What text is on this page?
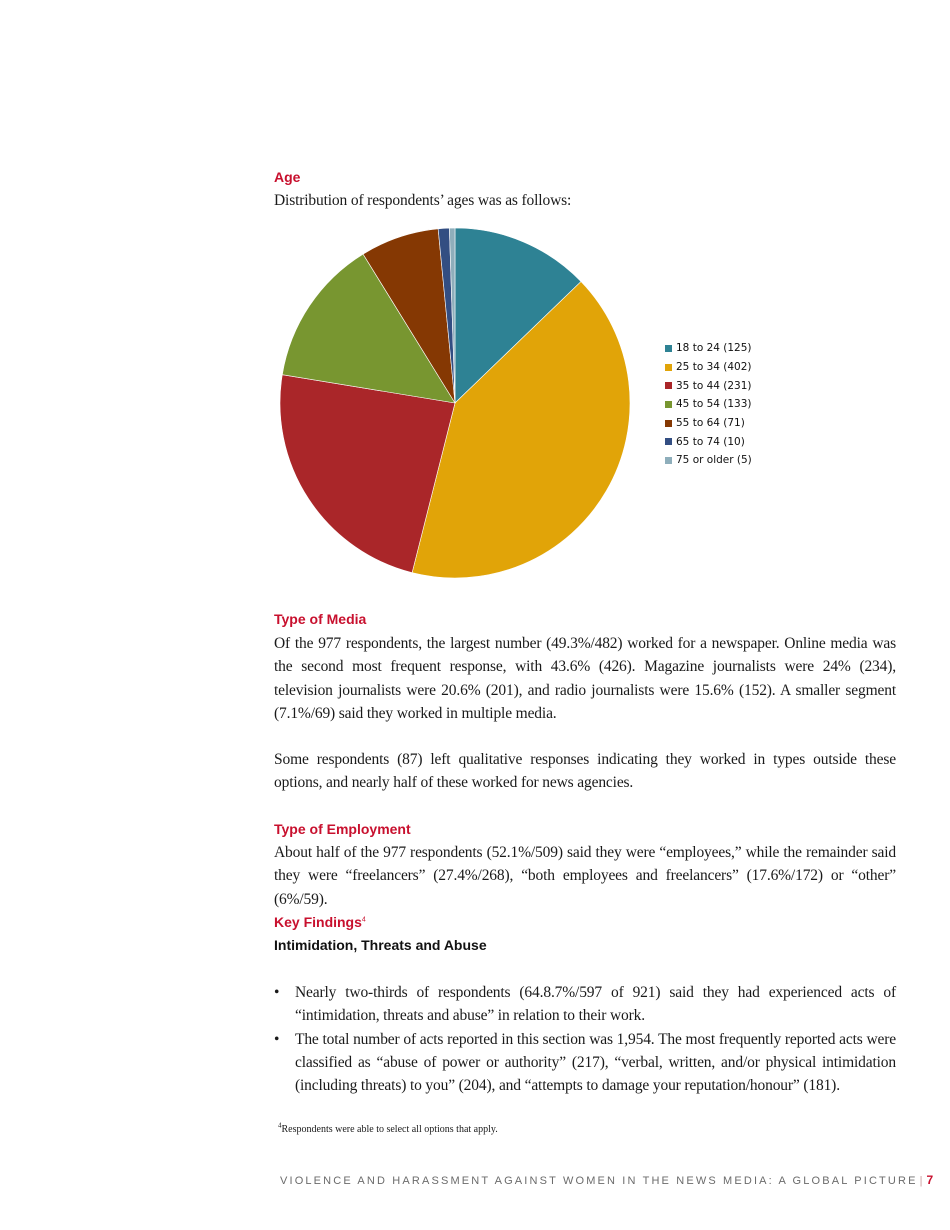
Age

Distribution of respondents’ ages was as follows:

18 to 24 (125)
25 to 34 (402)
35 to 44 (231)
45 to 54 (133)
55 to 64 (71)
65 to 74 (10)
75 or older (5)
Type of Media

Of the 977 respondents, the largest number (49.3%/482) worked for a newspaper. Online media was the second most frequent response, with 43.6% (426). Magazine journalists were 24% (234), television journalists were 20.6% (201), and radio journalists were 15.6% (152). A smaller segment (7.1%/69) said they worked in multiple media.

Some respondents (87) left qualitative responses indicating they worked in types outside these options, and nearly half of these worked for news agencies.

Type of Employment

About half of the 977 respondents (52.1%/509) said they were “employees,” while the remainder said they were “freelancers” (27.4%/268), “both employees and freelancers” (17.6%/172) or “other” (6%/59).

Key Findings$^4$
Intimidation, Threats and Abuse
• Nearly two-thirds of respondents (64.8.7%/597 of 921) said they had experienced acts of “intimidation, threats and abuse” in relation to their work.
• The total number of acts reported in this section was 1,954. The most frequently reported acts were classified as “abuse of power or authority” (217), “verbal, written, and/or physical intimidation (including threats) to you” (204), and “attempts to damage your reputation/honour” (181).

$^4$Respondents were able to select all options that apply.

VIOLENCE AND HARASSMENT AGAINST WOMEN IN THE NEWS MEDIA: A GLOBAL PICTURE | 7
